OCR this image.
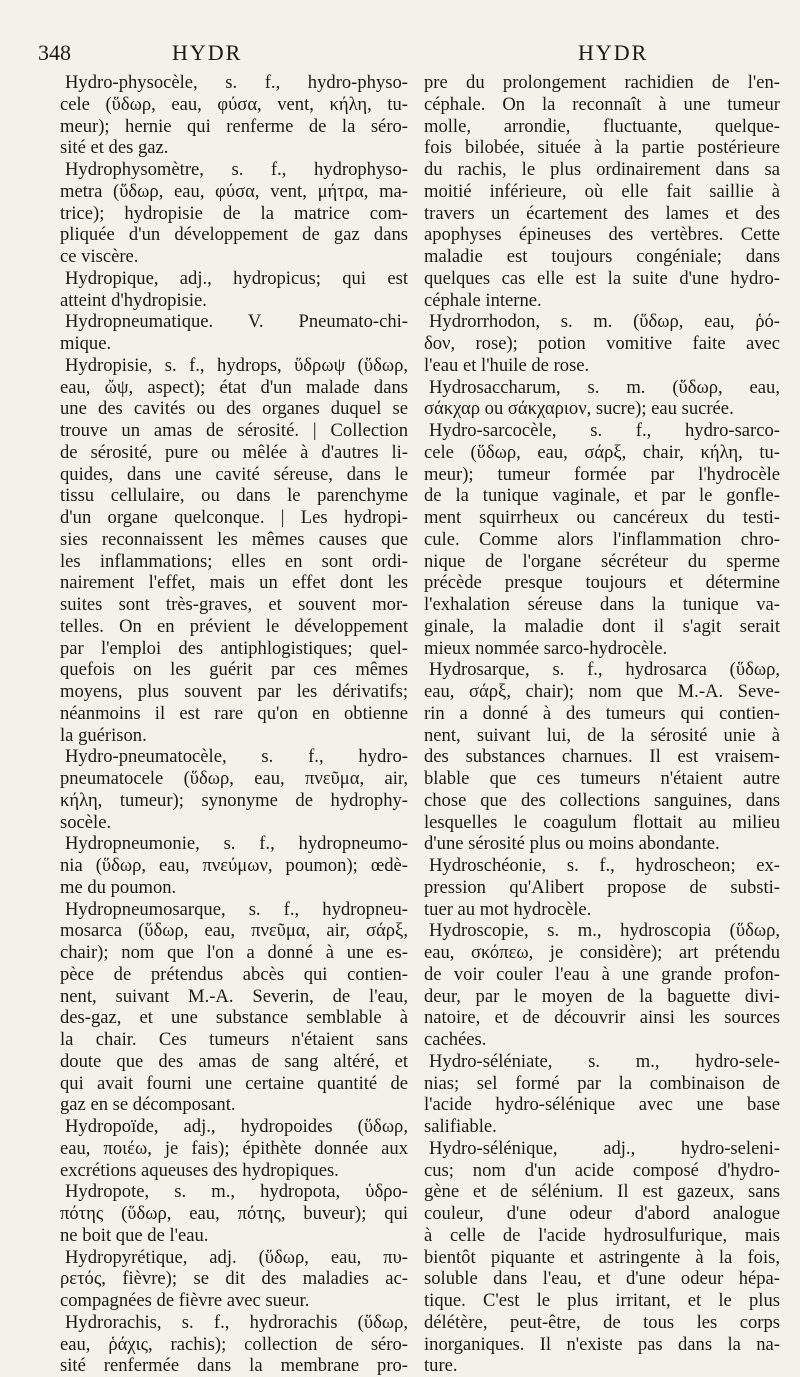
348	HYDR	HYDR
Hydro-physocèle, s. f., hydro-physo-
cele (ὕδωρ, eau, φύσα, vent, κήλη, tu-
meur); hernie qui renferme de la séro-
sité et des gaz.
Hydrophysomètre, s. f., hydrophyso-
metra (ὕδωρ, eau, φύσα, vent, μήτρα, ma-
trice); hydropisie de la matrice com-
pliquée d'un développement de gaz dans
ce viscère.
Hydropique, adj., hydropicus; qui est
atteint d'hydropisie.
Hydropneumatique. V. Pneumato-chi-
mique.
Hydropisie, s. f., hydrops, ὕδρωψ (ὕδωρ,
eau, ὤψ, aspect); état d'un malade dans
une des cavités ou des organes duquel se
trouve un amas de sérosité. | Collection
de sérosité, pure ou mêlée à d'autres li-
quides, dans une cavité séreuse, dans le
tissu cellulaire, ou dans le parenchyme
d'un organe quelconque. | Les hydropi-
sies reconnaissent les mêmes causes que
les inflammations; elles en sont ordi-
nairement l'effet, mais un effet dont les
suites sont très-graves, et souvent mor-
telles. On en prévient le développement
par l'emploi des antiphlogistiques; quel-
quefois on les guérit par ces mêmes
moyens, plus souvent par les dérivatifs;
néanmoins il est rare qu'on en obtienne
la guérison.
Hydro-pneumatocèle, s. f., hydro-
pneumatocele (ὕδωρ, eau, πνεῦμα, air,
κήλη, tumeur); synonyme de hydrophy-
socèle.
Hydropneumonie, s. f., hydropneumo-
nia (ὕδωρ, eau, πνεύμων, poumon); œdè-
me du poumon.
Hydropneumosarque, s. f., hydropneu-
mosarca (ὕδωρ, eau, πνεῦμα, air, σάρξ,
chair); nom que l'on a donné à une es-
pèce de prétendus abcès qui contien-
nent, suivant M.-A. Severin, de l'eau,
des-gaz, et une substance semblable à
la chair. Ces tumeurs n'étaient sans
doute que des amas de sang altéré, et
qui avait fourni une certaine quantité de
gaz en se décomposant.
Hydropoïde, adj., hydropoides (ὕδωρ,
eau, ποιέω, je fais); épithète donnée aux
excrétions aqueuses des hydropiques.
Hydropote, s. m., hydropota, ὑδρο-
πότης (ὕδωρ, eau, πότης, buveur); qui
ne boit que de l'eau.
Hydropyrétique, adj. (ὕδωρ, eau, πυ-
ρετός, fièvre); se dit des maladies ac-
compagnées de fièvre avec sueur.
Hydrorachis, s. f., hydrorachis (ὕδωρ,
eau, ῥάχις, rachis); collection de séro-
sité renfermée dans la membrane pro-
pre du prolongement rachidien de l'en-
céphale. On la reconnaît à une tumeur
molle, arrondie, fluctuante, quelque-
fois bilobée, située à la partie postérieure
du rachis, le plus ordinairement dans sa
moitié inférieure, où elle fait saillie à
travers un écartement des lames et des
apophyses épineuses des vertèbres. Cette
maladie est toujours congéniale; dans
quelques cas elle est la suite d'une hydro-
céphale interne.
Hydrorrhodon, s. m. (ὕδωρ, eau, ῥό-
δον, rose); potion vomitive faite avec
l'eau et l'huile de rose.
Hydrosaccharum, s. m. (ὕδωρ, eau,
σάκχαρ ou σάκχαριον, sucre); eau sucrée.
Hydro-sarcocèle, s. f., hydro-sarco-
cele (ὕδωρ, eau, σάρξ, chair, κήλη, tu-
meur); tumeur formée par l'hydrocèle
de la tunique vaginale, et par le gonfle-
ment squirrheux ou cancéreux du testi-
cule. Comme alors l'inflammation chro-
nique de l'organe sécréteur du sperme
précède presque toujours et détermine
l'exhalation séreuse dans la tunique va-
ginale, la maladie dont il s'agit serait
mieux nommée sarco-hydrocèle.
Hydrosarque, s. f., hydrosarca (ὕδωρ,
eau, σάρξ, chair); nom que M.-A. Seve-
rin a donné à des tumeurs qui contien-
nent, suivant lui, de la sérosité unie à
des substances charnues. Il est vraisem-
blable que ces tumeurs n'étaient autre
chose que des collections sanguines, dans
lesquelles le coagulum flottait au milieu
d'une sérosité plus ou moins abondante.
Hydroschéonie, s. f., hydroscheon; ex-
pression qu'Alibert propose de substi-
tuer au mot hydrocèle.
Hydroscopie, s. m., hydroscopia (ὕδωρ,
eau, σκόπεω, je considère); art prétendu
de voir couler l'eau à une grande profon-
deur, par le moyen de la baguette divi-
natoire, et de découvrir ainsi les sources
cachées.
Hydro-séléniate, s. m., hydro-sele-
nias; sel formé par la combinaison de
l'acide hydro-sélénique avec une base
salifiable.
Hydro-sélénique, adj., hydro-seleni-
cus; nom d'un acide composé d'hydro-
gène et de sélénium. Il est gazeux, sans
couleur, d'une odeur d'abord analogue
à celle de l'acide hydrosulfurique, mais
bientôt piquante et astringente à la fois,
soluble dans l'eau, et d'une odeur hépa-
tique. C'est le plus irritant, et le plus
délétère, peut-être, de tous les corps
inorganiques. Il n'existe pas dans la na-
ture.
